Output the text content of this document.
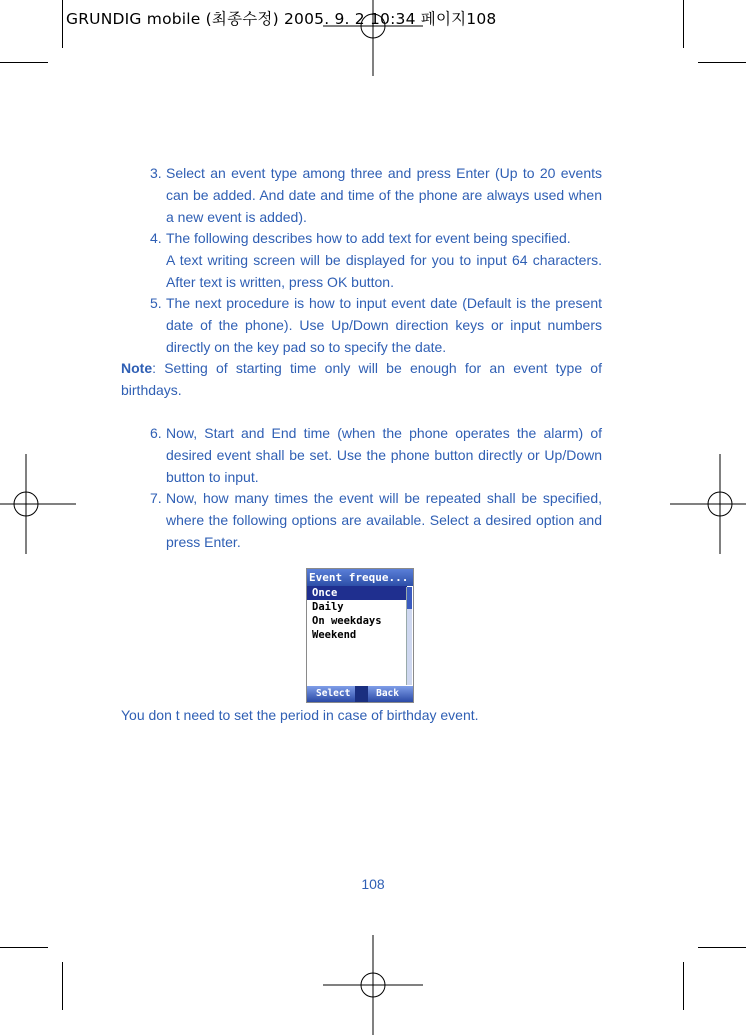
GRUNDIG mobile (최종수정) 2005. 9. 2 10:34 페이지108
3. Select an event type among three and press Enter (Up to 20 events can be added. And date and time of the phone are always used when a new event is added).
4. The following describes how to add text for event being specified.
A text writing screen will be displayed for you to input 64 characters. After text is written, press OK button.
5. The next procedure is how to input event date (Default is the present date of the phone). Use Up/Down direction keys or input numbers directly on the key pad so to specify the date.
Note: Setting of starting time only will be enough for an event type of birthdays.
6. Now, Start and End time (when the phone operates the alarm) of desired event shall be set. Use the phone button directly or Up/Down button to input.
7. Now, how many times the event will be repeated shall be specified, where the following options are available. Select a desired option and press Enter.
Event freque...
Once
Daily
On weekdays
Weekend
Select	Back
You don t need to set the period in case of birthday event.
108
